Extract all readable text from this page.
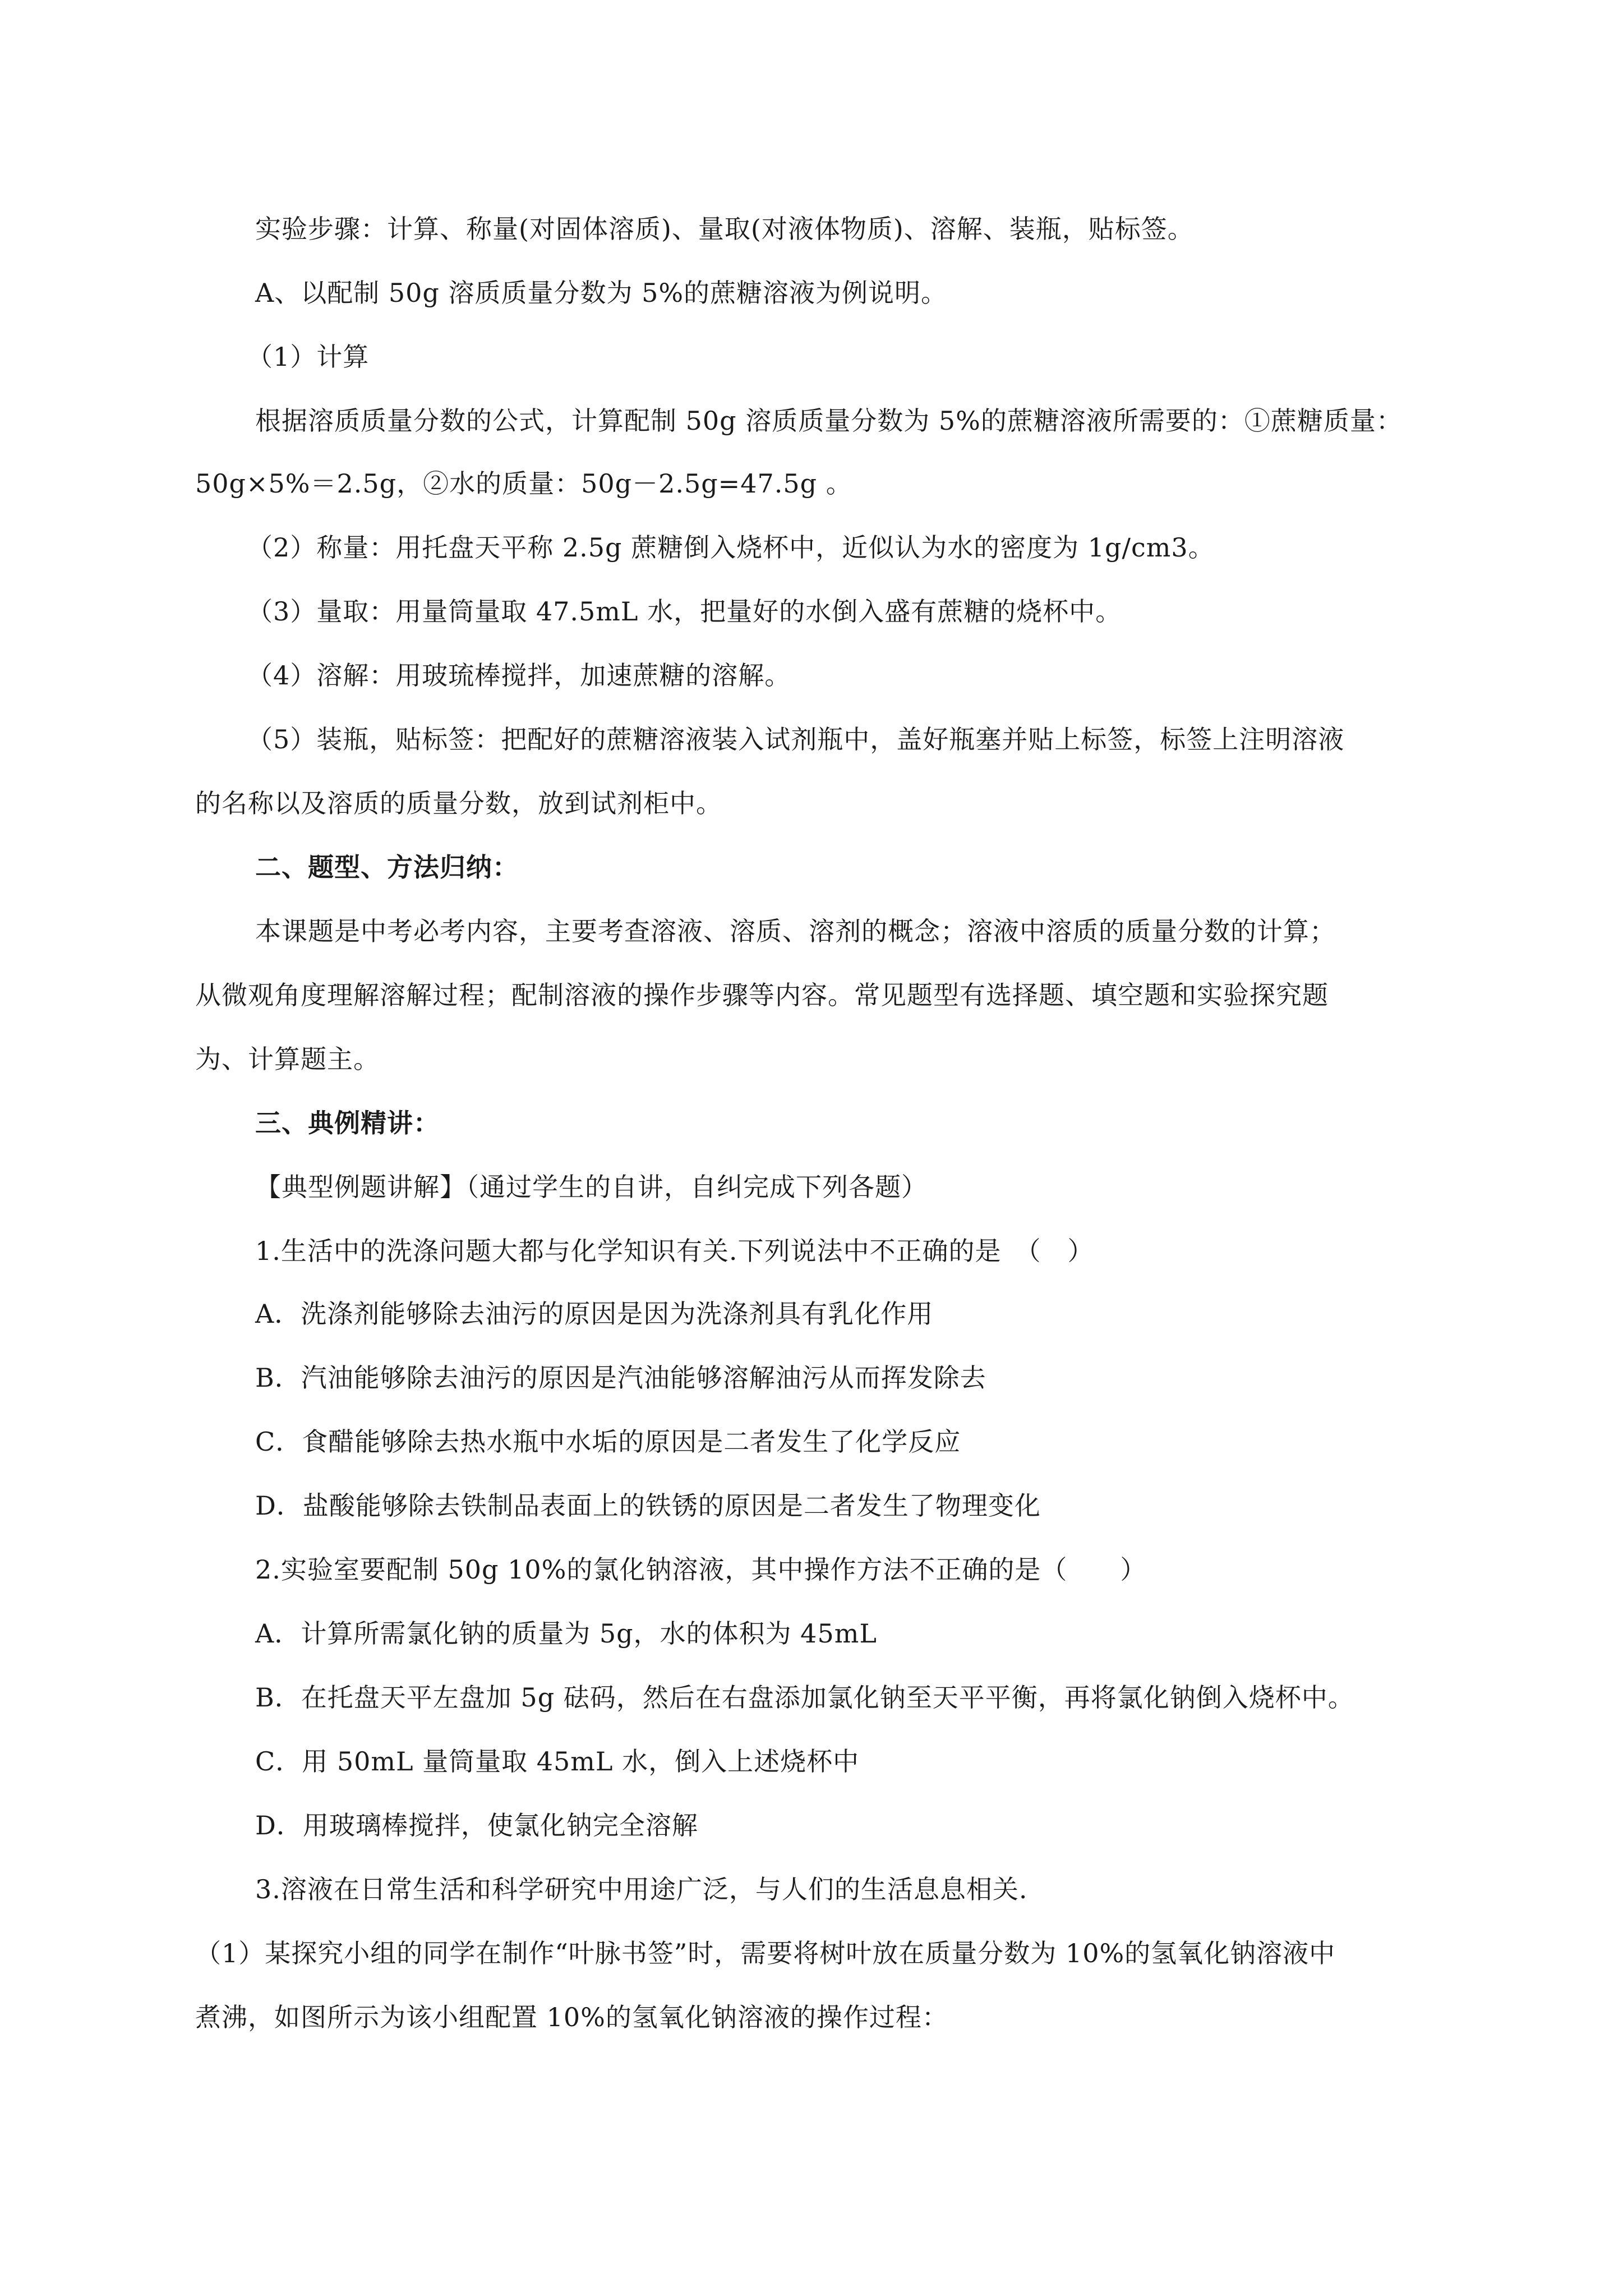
实验步骤：计算、称量(对固体溶质)、量取(对液体物质)、溶解、装瓶，贴标签。
A、以配制 50g 溶质质量分数为 5%的蔗糖溶液为例说明。
（1）计算
根据溶质质量分数的公式，计算配制 50g 溶质质量分数为 5%的蔗糖溶液所需要的：①蔗糖质量：
50g×5%＝2.5g，②水的质量：50g－2.5g=47.5g 。
（2）称量：用托盘天平称 2.5g 蔗糖倒入烧杯中，近似认为水的密度为 1g/cm3。
（3）量取：用量筒量取 47.5mL 水，把量好的水倒入盛有蔗糖的烧杯中。
（4）溶解：用玻琉棒搅拌，加速蔗糖的溶解。
（5）装瓶，贴标签：把配好的蔗糖溶液装入试剂瓶中，盖好瓶塞并贴上标签，标签上注明溶液
的名称以及溶质的质量分数，放到试剂柜中。
二、题型、方法归纳：
本课题是中考必考内容，主要考查溶液、溶质、溶剂的概念；溶液中溶质的质量分数的计算；
从微观角度理解溶解过程；配制溶液的操作步骤等内容。常见题型有选择题、填空题和实验探究题
为、计算题主。
三、典例精讲：
【典型例题讲解】（通过学生的自讲，自纠完成下列各题）
1.生活中的洗涤问题大都与化学知识有关.下列说法中不正确的是　（　）
A．洗涤剂能够除去油污的原因是因为洗涤剂具有乳化作用
B．汽油能够除去油污的原因是汽油能够溶解油污从而挥发除去
C．食醋能够除去热水瓶中水垢的原因是二者发生了化学反应
D．盐酸能够除去铁制品表面上的铁锈的原因是二者发生了物理变化
2.实验室要配制 50g 10%的氯化钠溶液，其中操作方法不正确的是（　　）
A．计算所需氯化钠的质量为 5g，水的体积为 45mL
B．在托盘天平左盘加 5g 砝码，然后在右盘添加氯化钠至天平平衡，再将氯化钠倒入烧杯中。
C．用 50mL 量筒量取 45mL 水，倒入上述烧杯中
D．用玻璃棒搅拌，使氯化钠完全溶解
3.溶液在日常生活和科学研究中用途广泛，与人们的生活息息相关.
（1）某探究小组的同学在制作“叶脉书签”时，需要将树叶放在质量分数为 10%的氢氧化钠溶液中
煮沸，如图所示为该小组配置 10%的氢氧化钠溶液的操作过程：
